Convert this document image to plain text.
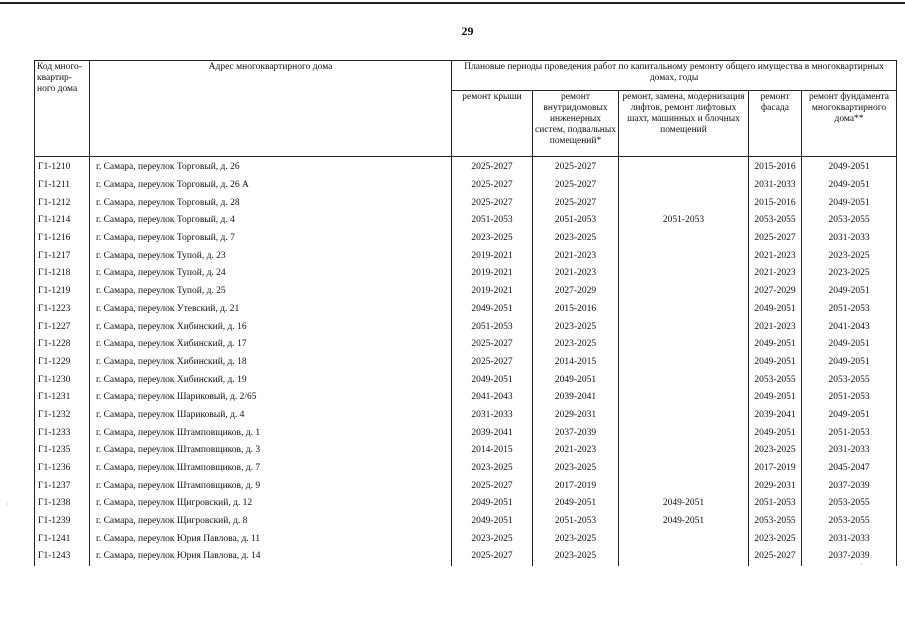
29
Код много-квартир-ного дома	Адрес многоквартирного дома	Плановые периоды проведения работ по капитальному ремонту общего имущества в многоквартирных домах, годы				
		ремонт крыши	ремонт внутридомовых инженерных систем, подвальных помещений*	ремонт, замена, модернизация лифтов, ремонт лифтовых шахт, машинных и блочных помещений	ремонт фасада	ремонт фундамента многоквартирного дома**
Г1-1210	г. Самара, переулок Торговый, д. 26	2025-2027	2025-2027		2015-2016	2049-2051
Г1-1211	г. Самара, переулок Торговый, д. 26 А	2025-2027	2025-2027		2031-2033	2049-2051
Г1-1212	г. Самара, переулок Торговый, д. 28	2025-2027	2025-2027		2015-2016	2049-2051
Г1-1214	г. Самара, переулок Торговый, д. 4	2051-2053	2051-2053	2051-2053	2053-2055	2053-2055
Г1-1216	г. Самара, переулок Торговый, д. 7	2023-2025	2023-2025		2025-2027	2031-2033
Г1-1217	г. Самара, переулок Тупой, д. 23	2019-2021	2021-2023		2021-2023	2023-2025
Г1-1218	г. Самара, переулок Тупой, д. 24	2019-2021	2021-2023		2021-2023	2023-2025
Г1-1219	г. Самара, переулок Тупой, д. 25	2019-2021	2027-2029		2027-2029	2049-2051
Г1-1223	г. Самара, переулок Утевский, д. 21	2049-2051	2015-2016		2049-2051	2051-2053
Г1-1227	г. Самара, переулок Хибинский, д. 16	2051-2053	2023-2025		2021-2023	2041-2043
Г1-1228	г. Самара, переулок Хибинский, д. 17	2025-2027	2023-2025		2049-2051	2049-2051
Г1-1229	г. Самара, переулок Хибинский, д. 18	2025-2027	2014-2015		2049-2051	2049-2051
Г1-1230	г. Самара, переулок Хибинский, д. 19	2049-2051	2049-2051		2053-2055	2053-2055
Г1-1231	г. Самара, переулок Шариковый, д. 2/65	2041-2043	2039-2041		2049-2051	2051-2053
Г1-1232	г. Самара, переулок Шариковый, д. 4	2031-2033	2029-2031		2039-2041	2049-2051
Г1-1233	г. Самара, переулок Штамповщиков, д. 1	2039-2041	2037-2039		2049-2051	2051-2053
Г1-1235	г. Самара, переулок Штамповщиков, д. 3	2014-2015	2021-2023		2023-2025	2031-2033
Г1-1236	г. Самара, переулок Штамповщиков, д. 7	2023-2025	2023-2025		2017-2019	2045-2047
Г1-1237	г. Самара, переулок Штамповщиков, д. 9	2025-2027	2017-2019		2029-2031	2037-2039
Г1-1238	г. Самара, переулок Щигровский, д. 12	2049-2051	2049-2051	2049-2051	2051-2053	2053-2055
Г1-1239	г. Самара, переулок Щигровский, д. 8	2049-2051	2051-2053	2049-2051	2053-2055	2053-2055
Г1-1241	г. Самара, переулок Юрия Павлова, д. 11	2023-2025	2023-2025		2023-2025	2031-2033
Г1-1243	г. Самара, переулок Юрия Павлова, д. 14	2025-2027	2023-2025		2025-2027	2037-2039
·
·
